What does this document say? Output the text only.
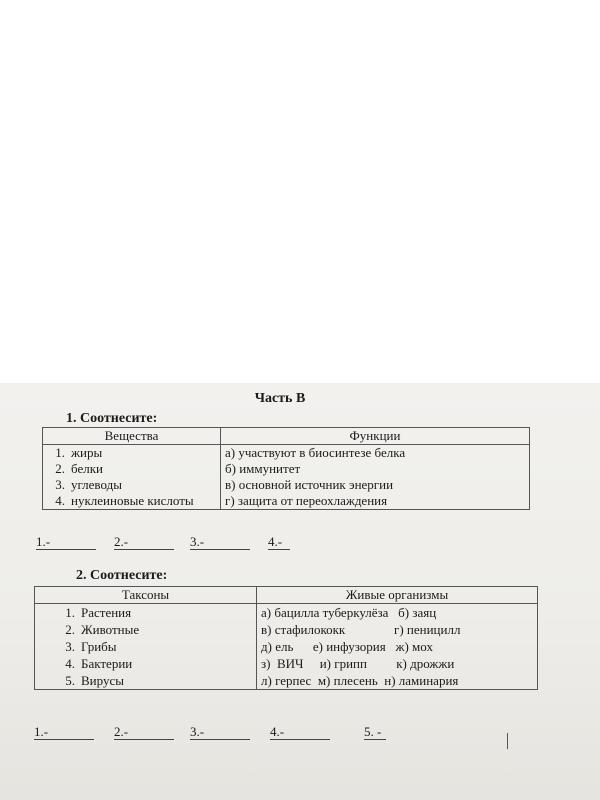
Часть В
1. Соотнесите:
Вещества	Функции
1. жиры	а) участвуют в биосинтезе белка
2. белки	б) иммунитет
3. углеводы	в) основной источник энергии
4. нуклеиновые кислоты	г) защита от переохлаждения
1.-	2.-	3.-	4.-
2. Соотнесите:
Таксоны	Живые организмы
1. Растения	а) бацилла туберкулёза   б) заяц
2. Животные	в) стафилококк               г) пеницилл
3. Грибы	д) ель      е) инфузория   ж) мох
4. Бактерии	з)  ВИЧ     и) грипп         к) дрожжи
5. Вирусы	л) герпес  м) плесень  н) ламинария
1.-	2.-	3.-	4.-	5. -
